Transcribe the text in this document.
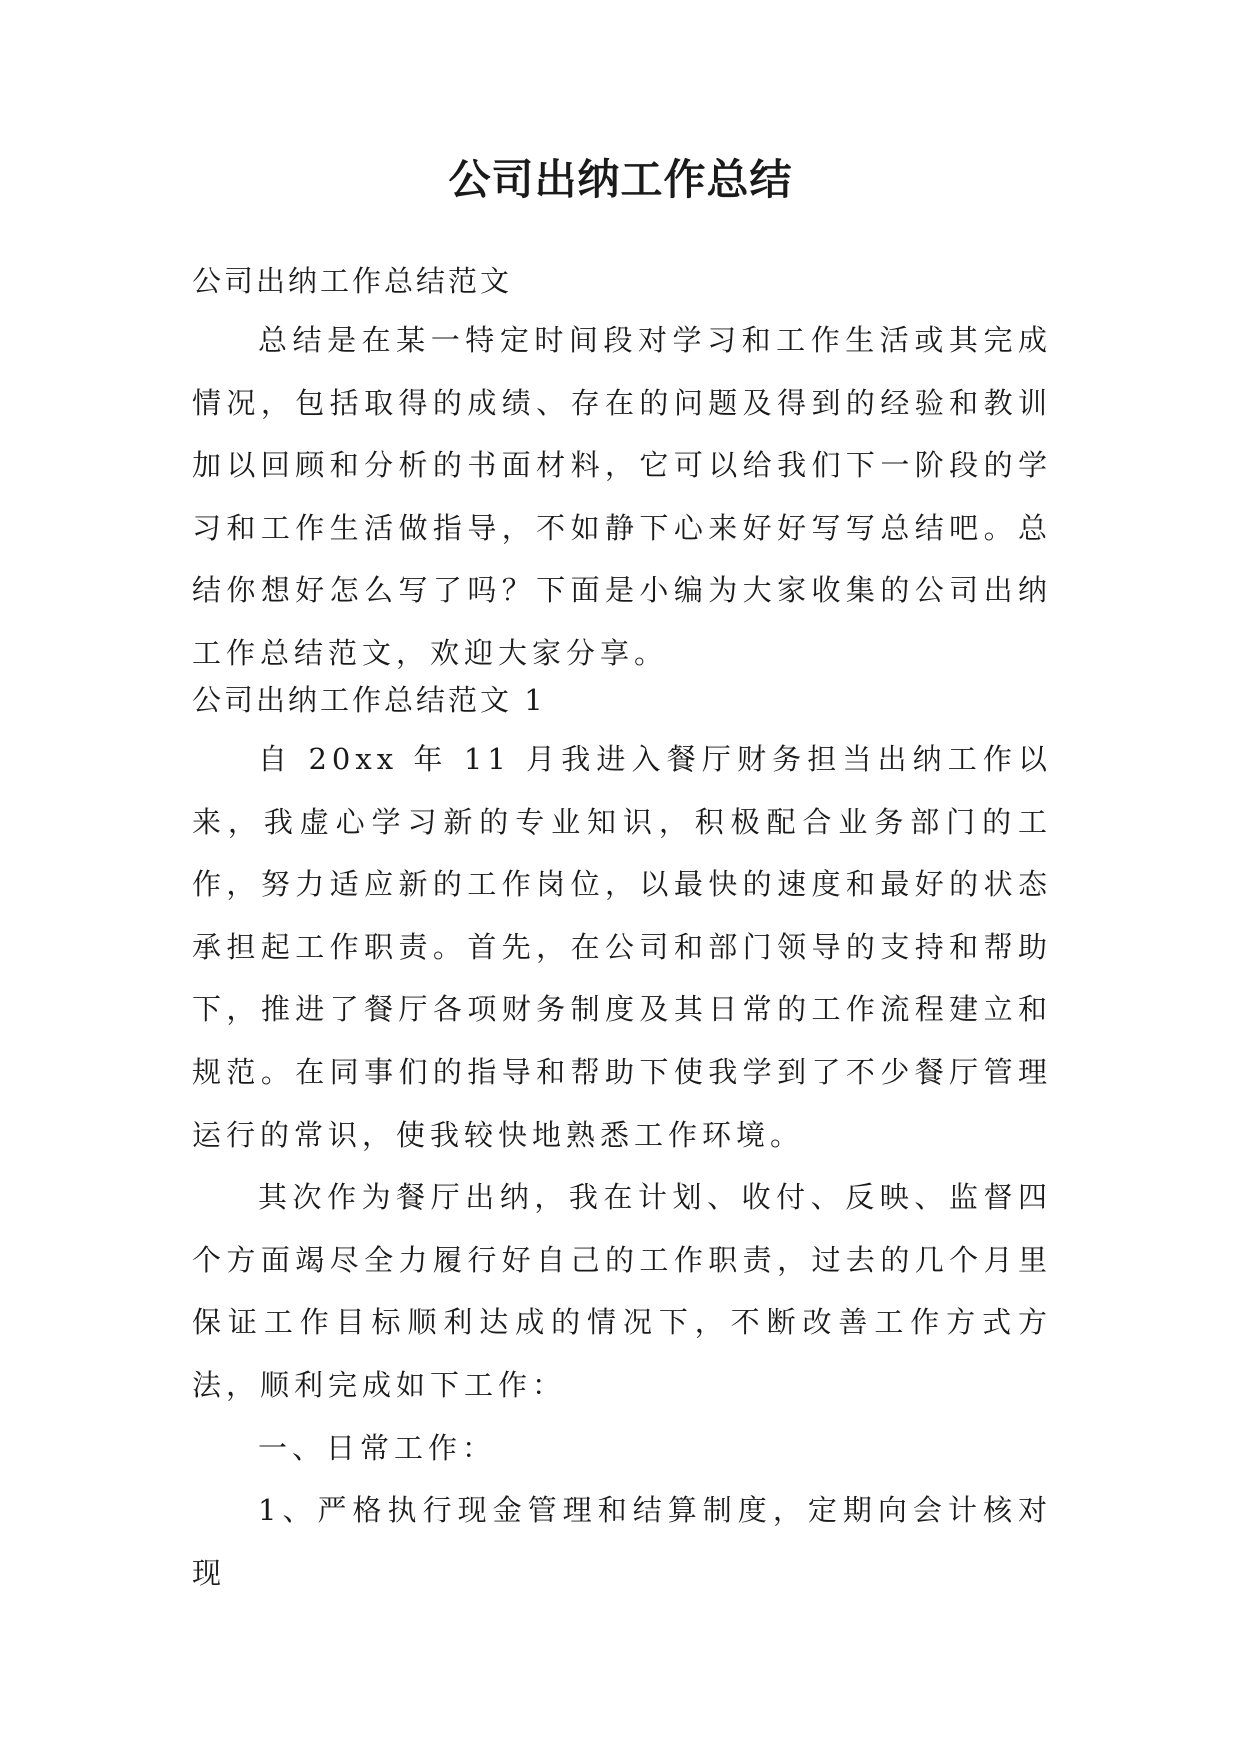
公司出纳工作总结
公司出纳工作总结范文

总结是在某一特定时间段对学习和工作生活或其完成情况，包括取得的成绩、存在的问题及得到的经验和教训加以回顾和分析的书面材料，它可以给我们下一阶段的学习和工作生活做指导，不如静下心来好好写写总结吧。总结你想好怎么写了吗？下面是小编为大家收集的公司出纳工作总结范文，欢迎大家分享。

公司出纳工作总结范文 1

自 20xx 年 11 月我进入餐厅财务担当出纳工作以来，我虚心学习新的专业知识，积极配合业务部门的工作，努力适应新的工作岗位，以最快的速度和最好的状态承担起工作职责。首先，在公司和部门领导的支持和帮助下，推进了餐厅各项财务制度及其日常的工作流程建立和规范。在同事们的指导和帮助下使我学到了不少餐厅管理运行的常识，使我较快地熟悉工作环境。

其次作为餐厅出纳，我在计划、收付、反映、监督四个方面竭尽全力履行好自己的工作职责，过去的几个月里保证工作目标顺利达成的情况下，不断改善工作方式方法，顺利完成如下工作：

一、日常工作：

1、严格执行现金管理和结算制度，定期向会计核对现
